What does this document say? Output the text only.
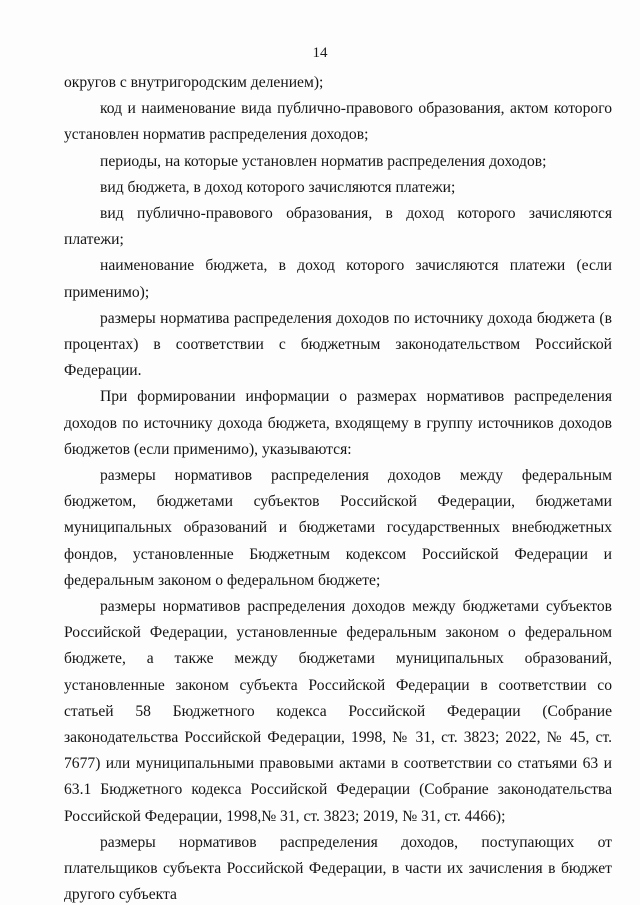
14

округов с внутригородским делением);

код и наименование вида публично-правового образования, актом которого установлен норматив распределения доходов;

периоды, на которые установлен норматив распределения доходов;

вид бюджета, в доход которого зачисляются платежи;

вид публично-правового образования, в доход которого зачисляются платежи;

наименование бюджета, в доход которого зачисляются платежи (если применимо);

размеры норматива распределения доходов по источнику дохода бюджета (в процентах) в соответствии с бюджетным законодательством Российской Федерации.

При формировании информации о размерах нормативов распределения доходов по источнику дохода бюджета, входящему в группу источников доходов бюджетов (если применимо), указываются:

размеры нормативов распределения доходов между федеральным бюджетом, бюджетами субъектов Российской Федерации, бюджетами муниципальных образований и бюджетами государственных внебюджетных фондов, установленные Бюджетным кодексом Российской Федерации и федеральным законом о федеральном бюджете;

размеры нормативов распределения доходов между бюджетами субъектов Российской Федерации, установленные федеральным законом о федеральном бюджете, а также между бюджетами муниципальных образований, установленные законом субъекта Российской Федерации в соответствии со статьей 58 Бюджетного кодекса Российской Федерации (Собрание законодательства Российской Федерации, 1998, № 31, ст. 3823; 2022, № 45, ст. 7677) или муниципальными правовыми актами в соответствии со статьями 63 и 63.1 Бюджетного кодекса Российской Федерации (Собрание законодательства Российской Федерации, 1998,№ 31, ст. 3823; 2019, № 31, ст. 4466);

размеры нормативов распределения доходов, поступающих от плательщиков субъекта Российской Федерации, в части их зачисления в бюджет другого субъекта
